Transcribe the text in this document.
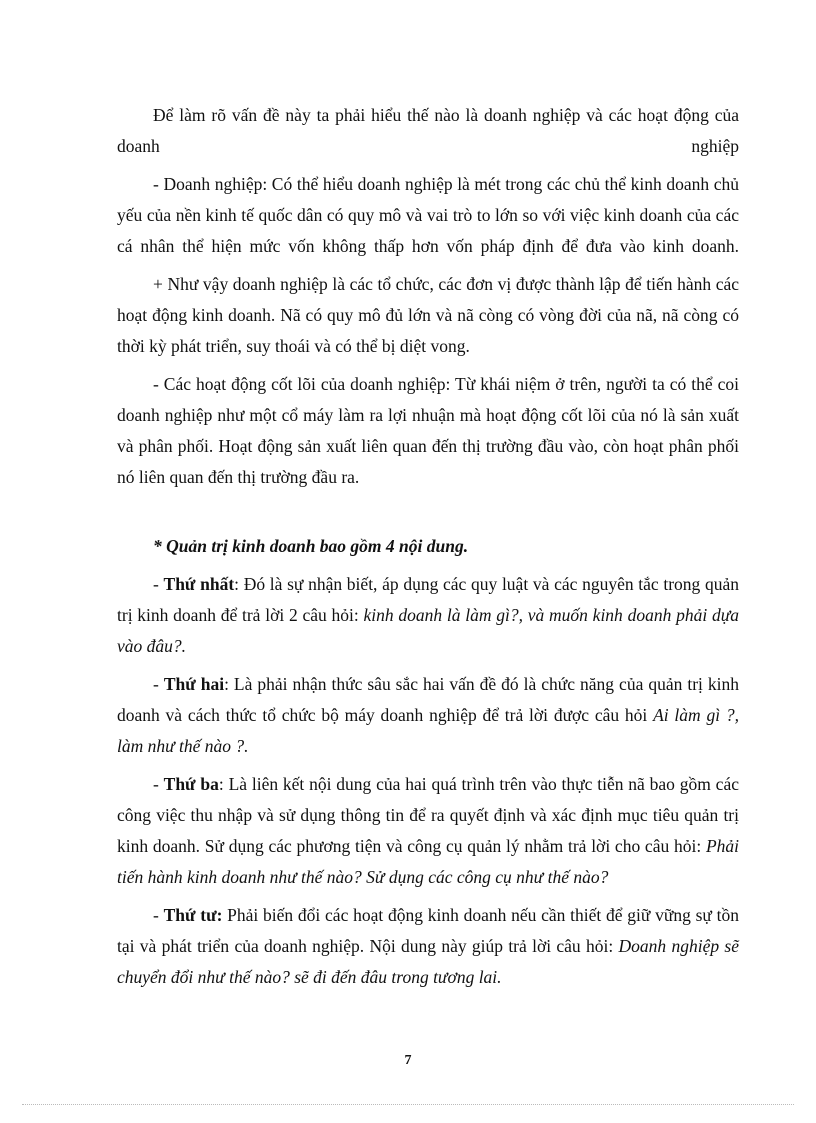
Để làm rõ vấn đề này ta phải hiểu thế nào là doanh nghiệp và các hoạt động của doanh nghiệp

- Doanh nghiệp: Có thể hiểu doanh nghiệp là mét trong các chủ thể kinh doanh chủ yếu của nền kinh tế quốc dân có quy mô và vai trò to lớn so với việc kinh doanh của các cá nhân thể hiện mức vốn không thấp hơn vốn pháp định để đưa vào kinh doanh.

+ Như vậy doanh nghiệp là các tổ chức, các đơn vị được thành lập để tiến hành các hoạt động kinh doanh. Nã có quy mô đủ lớn và nã còng có vòng đời của nã, nã còng có thời kỳ phát triển, suy thoái và có thể bị diệt vong.

- Các hoạt động cốt lõi của doanh nghiệp: Từ khái niệm ở trên, người ta có thể coi doanh nghiệp như một cổ máy làm ra lợi nhuận mà hoạt động cốt lõi của nó là sản xuất và phân phối. Hoạt động sản xuất liên quan đến thị trường đầu vào, còn hoạt phân phối nó liên quan đến thị trường đầu ra.

* Quản trị kinh doanh bao gồm 4 nội dung.

- Thứ nhất: Đó là sự nhận biết, áp dụng các quy luật và các nguyên tắc trong quản trị kinh doanh để trả lời 2 câu hỏi: kinh doanh là làm gì?, và muốn kinh doanh phải dựa vào đâu?.

- Thứ hai: Là phải nhận thức sâu sắc hai vấn đề đó là chức năng của quản trị kinh doanh và cách thức tổ chức bộ máy doanh nghiệp để trả lời được câu hỏi Ai làm gì ?, làm như thế nào ?.

- Thứ ba: Là liên kết nội dung của hai quá trình trên vào thực tiễn nã bao gồm các công việc thu nhập và sử dụng thông tin để ra quyết định và xác định mục tiêu quản trị kinh doanh. Sử dụng các phương tiện và công cụ quản lý nhằm trả lời cho câu hỏi: Phải tiến hành kinh doanh như thế nào? Sử dụng các công cụ như thế nào?

- Thứ tư: Phải biến đổi các hoạt động kinh doanh nếu cần thiết để giữ vững sự tồn tại và phát triển của doanh nghiệp. Nội dung này giúp trả lời câu hỏi: Doanh nghiệp sẽ chuyển đổi như thế nào? sẽ đi đến đâu trong tương lai.

7
